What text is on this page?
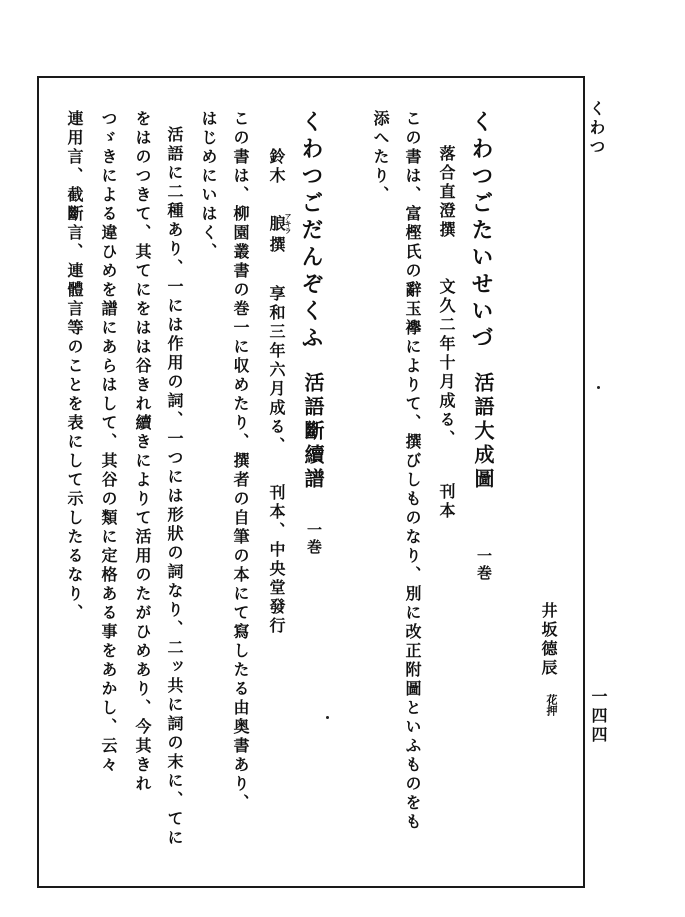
くわつ
一四四
くわつごたいせいづ
活語大成圖
一巻
落合直澄撰
文久二年十月成る、
刊本
この書は、富樫氏の辭玉襷によりて、撰びしものなり、別に改正附圖といふものをも
添へたり、
井坂德辰
花押
くわつごだんぞくふ
活語斷續譜
一巻
鈴木
朖
アキラ
撰
享和三年六月成る、
刊本、中央堂發行
この書は、柳園叢書の巻一に収めたり、撰者の自筆の本にて寫したる由奥書あり、
はじめにいはく、
活語に二種あり、一には作用の詞、一つには形狀の詞なり、二ッ共に詞の末に、てに
をはのつきて、其てにをはは谷きれ續きによりて活用のたがひめあり、今其きれ
つゞきによる違ひめを譜にあらはして、其谷の類に定格ある事をあかし、云々
連用言、截斷言、連體言等のことを表にして示したるなり、
